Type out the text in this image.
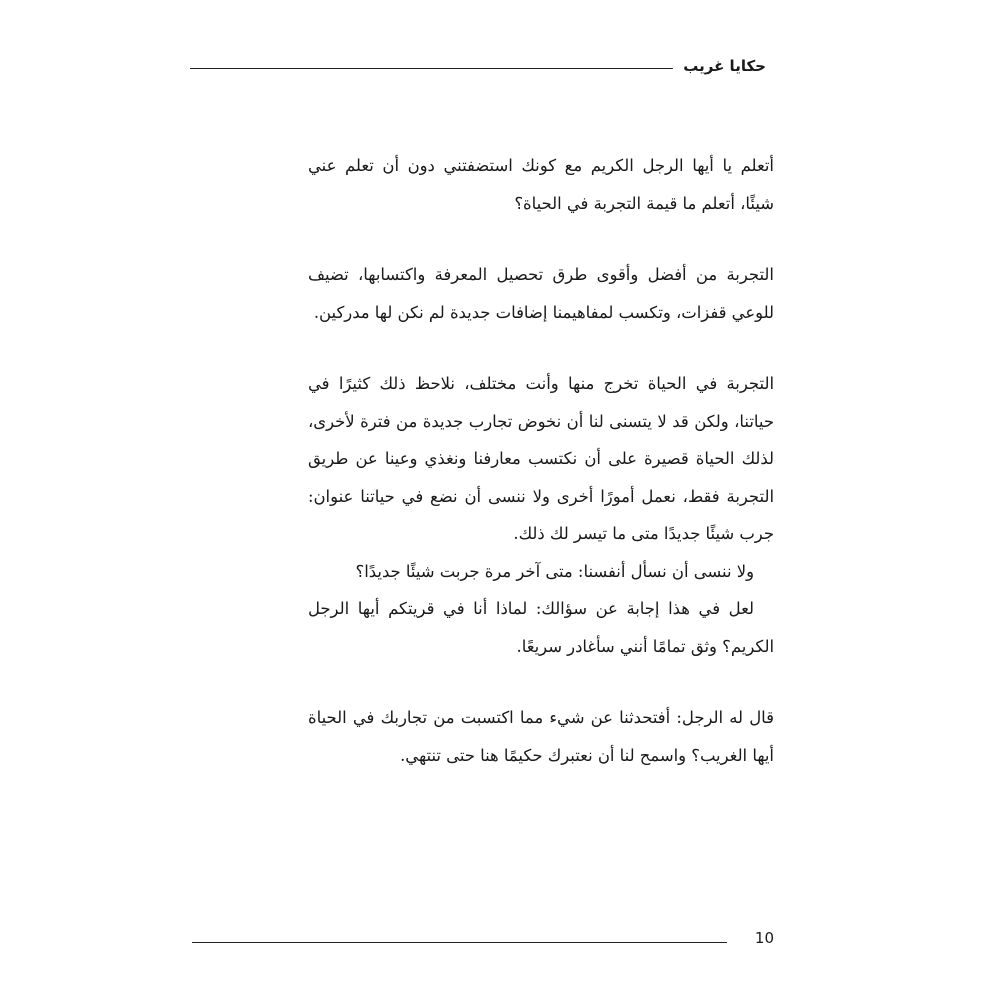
حكايا غريب

أتعلم يا أيها الرجل الكريم مع كونك استضفتني دون أن تعلم عني شيئًا، أتعلم ما قيمة التجربة في الحياة؟

التجربة من أفضل وأقوى طرق تحصيل المعرفة واكتسابها، تضيف للوعي قفزات، وتكسب لمفاهيمنا إضافات جديدة لم نكن لها مدركين.

التجربة في الحياة تخرج منها وأنت مختلف، نلاحظ ذلك كثيرًا في حياتنا، ولكن قد لا يتسنى لنا أن نخوض تجارب جديدة من فترة لأخرى، لذلك الحياة قصيرة على أن نكتسب معارفنا ونغذي وعينا عن طريق التجربة فقط، نعمل أمورًا أخرى ولا ننسى أن نضع في حياتنا عنوان: جرب شيئًا جديدًا متى ما تيسر لك ذلك.

ولا ننسى أن نسأل أنفسنا: متى آخر مرة جربت شيئًا جديدًا؟

لعل في هذا إجابة عن سؤالك: لماذا أنا في قريتكم أيها الرجل الكريم؟ وثق تمامًا أنني سأغادر سريعًا.

قال له الرجل: أفتحدثنا عن شيء مما اكتسبت من تجاربك في الحياة أيها الغريب؟ واسمح لنا أن نعتبرك حكيمًا هنا حتى تنتهي.

10
